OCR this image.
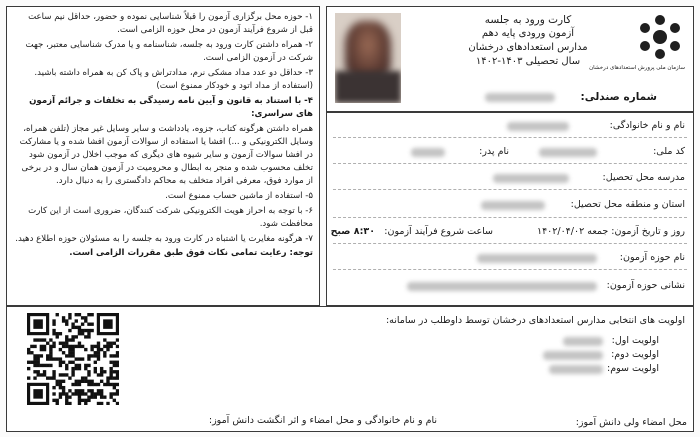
۱- حوزه محل برگزاری آزمون را قبلاً شناسایی نموده و حضور، حداقل نیم ساعت قبل از شروع فرآیند آزمون در محل حوزه الزامی است.

۲- همراه داشتن کارت ورود به جلسه، شناسنامه و یا مدرک شناسایی معتبر، جهت شرکت در آزمون الزامی است.

۳- حداقل دو عدد مداد مشکی نرم، مدادتراش و پاک کن به همراه داشته باشید. (استفاده از مداد اتود و خودکار ممنوع است)

۴- با استناد به قانون و آیین نامه رسیدگی به تخلفات و جرائم آزمون های سراسری:

همراه داشتن هرگونه کتاب، جزوه، یادداشت و سایر وسایل غیر مجاز (تلفن همراه، وسایل الکترونیکی و ...) افشا یا استفاده از سوالات آزمون افشا شده و یا مشارکت در افشا سوالات آزمون و سایر شیوه های دیگری که موجب اخلال در آزمون شود تخلف محسوب شده و منجر به ابطال و محرومیت در آزمون همان سال و در برخی از موارد فوق، معرفی افراد متخلف به محاکم دادگستری را به دنبال دارد.

۵- استفاده از ماشین حساب ممنوع است.

۶- با توجه به احراز هویت الکترونیکی شرکت کنندگان، ضروری است از این کارت محافظت شود.

۷- هرگونه مغایرت یا اشتباه در کارت ورود به جلسه را به مسئولان حوزه اطلاع دهید.

توجه: رعایت تمامی نکات فوق طبق مقررات الزامی است.

کارت ورود به جلسه
آزمون ورودی پایه دهم
مدارس استعدادهای درخشان
سال تحصیلی ۱۴۰۳-۱۴۰۲
سازمان ملی پرورش استعدادهای درخشان
شماره صندلی:
نام و نام خانوادگی:
کد ملی:
نام پدر:
مدرسه محل تحصیل:
استان و منطقه محل تحصیل:
روز و تاریخ آزمون: جمعه ۱۴۰۲/۰۴/۰۲
ساعت شروع فرآیند آزمون:
۸:۳۰ صبح
نام حوزه آزمون:
نشانی حوزه آزمون:
اولویت های انتخابی مدارس استعدادهای درخشان توسط داوطلب در سامانه:
اولویت اول:
اولویت دوم:
اولویت سوم:
محل امضاء ولی دانش آموز:
نام و نام خانوادگی و محل امضاء و اثر انگشت دانش آموز:
